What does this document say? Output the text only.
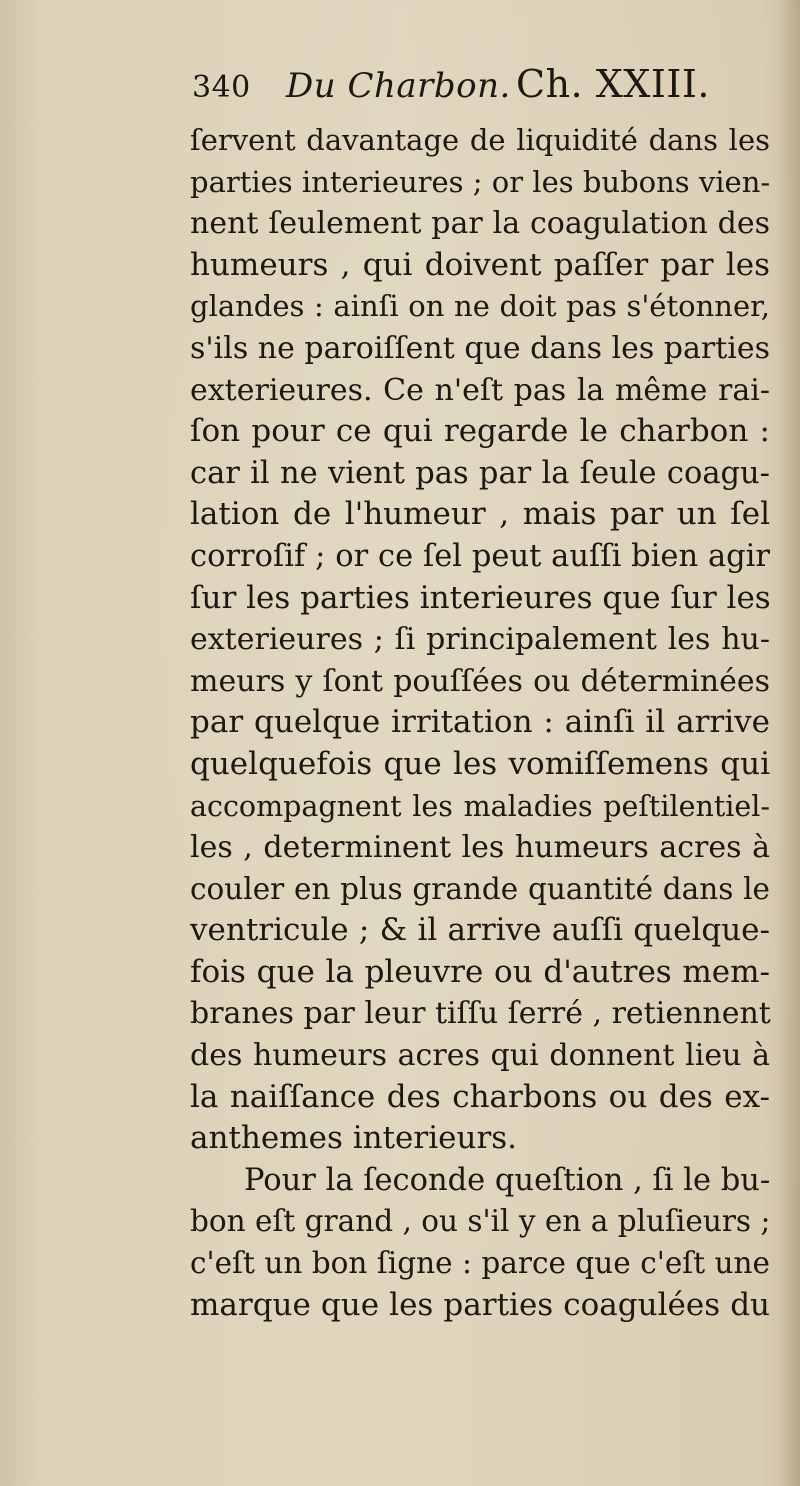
340 Du Charbon. Ch. XXIII.
ſervent davantage de liquidité dans les
parties interieures ; or les bubons vien-
nent ſeulement par la coagulation des
humeurs , qui doivent paſſer par les
glandes : ainſi on ne doit pas s'étonner,
s'ils ne paroiſſent que dans les parties
exterieures. Ce n'eſt pas la même rai-
ſon pour ce qui regarde le charbon :
car il ne vient pas par la ſeule coagu-
lation de l'humeur , mais par un ſel
corroſif ; or ce ſel peut auſſi bien agir
ſur les parties interieures que ſur les
exterieures ; ſi principalement les hu-
meurs y ſont pouſſées ou déterminées
par quelque irritation : ainſi il arrive
quelquefois que les vomiſſemens qui
accompagnent les maladies peſtilentiel-
les , determinent les humeurs acres à
couler en plus grande quantité dans le
ventricule ; & il arrive auſſi quelque-
fois que la pleuvre ou d'autres mem-
branes par leur tiſſu ſerré , retiennent
des humeurs acres qui donnent lieu à
la naiſſance des charbons ou des ex-
anthemes interieurs.
Pour la ſeconde queſtion , ſi le bu-
bon eſt grand , ou s'il y en a pluſieurs ;
c'eſt un bon ſigne : parce que c'eſt une
marque que les parties coagulées du
